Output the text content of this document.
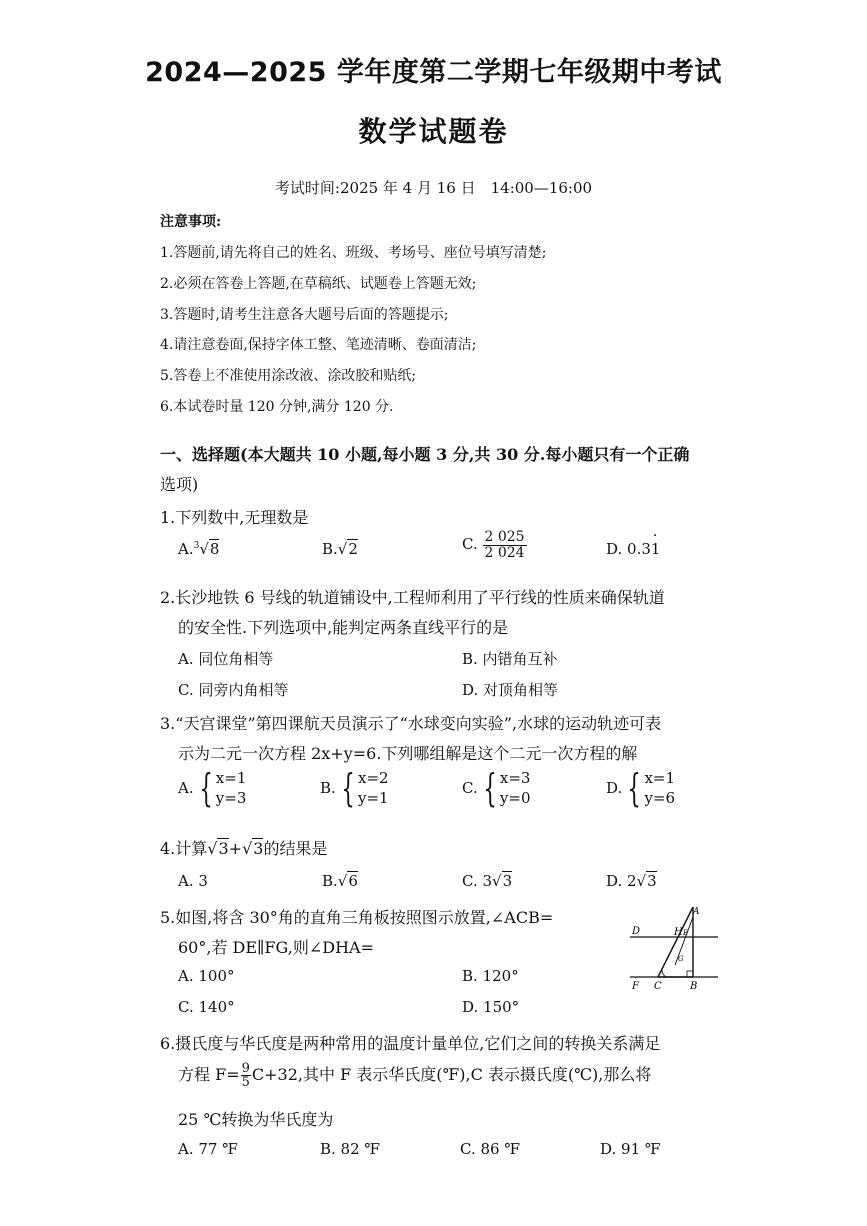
2024—2025 学年度第二学期七年级期中考试
数学试题卷
考试时间:2025 年 4 月 16 日　14:00—16:00
注意事项:
1.答题前,请先将自己的姓名、班级、考场号、座位号填写清楚;
2.必须在答卷上答题,在草稿纸、试题卷上答题无效;
3.答题时,请考生注意各大题号后面的答题提示;
4.请注意卷面,保持字体工整、笔迹清晰、卷面清洁;
5.答卷上不准使用涂改液、涂改胶和贴纸;
6.本试卷时量 120 分钟,满分 120 分.
一、选择题(本大题共 10 小题,每小题 3 分,共 30 分.每小题只有一个正确
选项)
1.下列数中,无理数是
A.$^3$√8	B.√2	C. $\frac{2 025}{2 024}$	D. 0.31 ·
2.长沙地铁 6 号线的轨道铺设中,工程师利用了平行线的性质来确保轨道
的安全性.下列选项中,能判定两条直线平行的是
A. 同位角相等	B. 内错角互补
C. 同旁内角相等	D. 对顶角相等
3.“天宫课堂”第四课航天员演示了“水球变向实验”,水球的运动轨迹可表
示为二元一次方程 2x+y=6.下列哪组解是这个二元一次方程的解
A. { x=1
y=3
B. { x=2
y=1
C. { x=3
y=0
D. { x=1
y=6
4.计算√3+√3的结果是
A. 3	B.√6	C. 3√3	D. 2√3
5.如图,将含 30°角的直角三角板按照图示放置,∠ACB=
60°,若 DE∥FG,则∠DHA=
A. 100°	B. 120°
C. 140°	D. 150°
A
D	H E
F C	B
G
6.摄氏度与华氏度是两种常用的温度计量单位,它们之间的转换关系满足
方程 $F= \frac{9}{5} C+32$,其中 F 表示华氏度(℉),C 表示摄氏度(℃),那么将
25 ℃转换为华氏度为
A. 77 ℉	B. 82 ℉	C. 86 ℉	D. 91 ℉
